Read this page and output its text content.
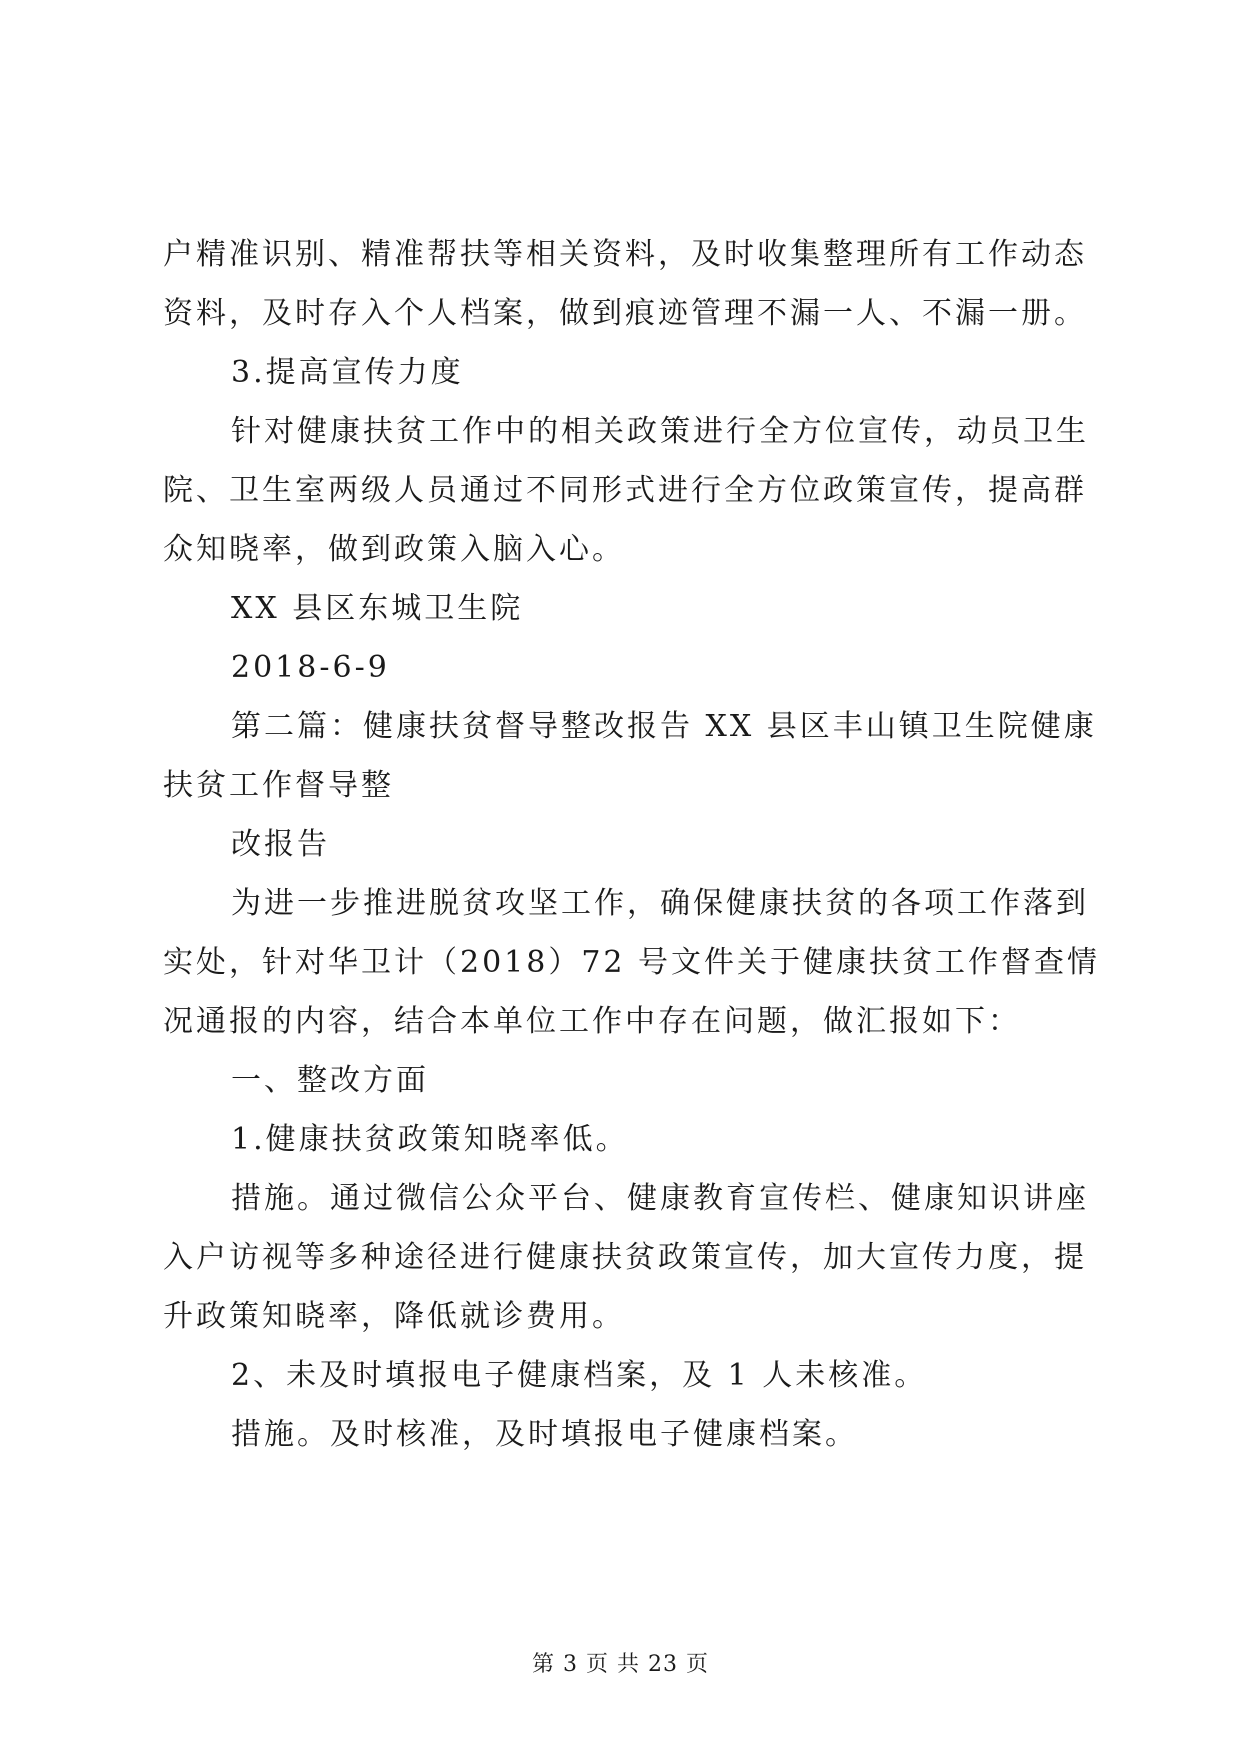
户精准识别、精准帮扶等相关资料，及时收集整理所有工作动态
资料，及时存入个人档案，做到痕迹管理不漏一人、不漏一册。
3.提高宣传力度
针对健康扶贫工作中的相关政策进行全方位宣传，动员卫生
院、卫生室两级人员通过不同形式进行全方位政策宣传，提高群
众知晓率，做到政策入脑入心。
XX 县区东城卫生院
2018-6-9
第二篇：健康扶贫督导整改报告 XX 县区丰山镇卫生院健康
扶贫工作督导整
改报告
为进一步推进脱贫攻坚工作，确保健康扶贫的各项工作落到
实处，针对华卫计（2018）72 号文件关于健康扶贫工作督查情
况通报的内容，结合本单位工作中存在问题，做汇报如下：
一、整改方面
1.健康扶贫政策知晓率低。
措施。通过微信公众平台、健康教育宣传栏、健康知识讲座
入户访视等多种途径进行健康扶贫政策宣传，加大宣传力度，提
升政策知晓率，降低就诊费用。
2、未及时填报电子健康档案，及 1 人未核准。
措施。及时核准，及时填报电子健康档案。
第 3 页 共 23 页
